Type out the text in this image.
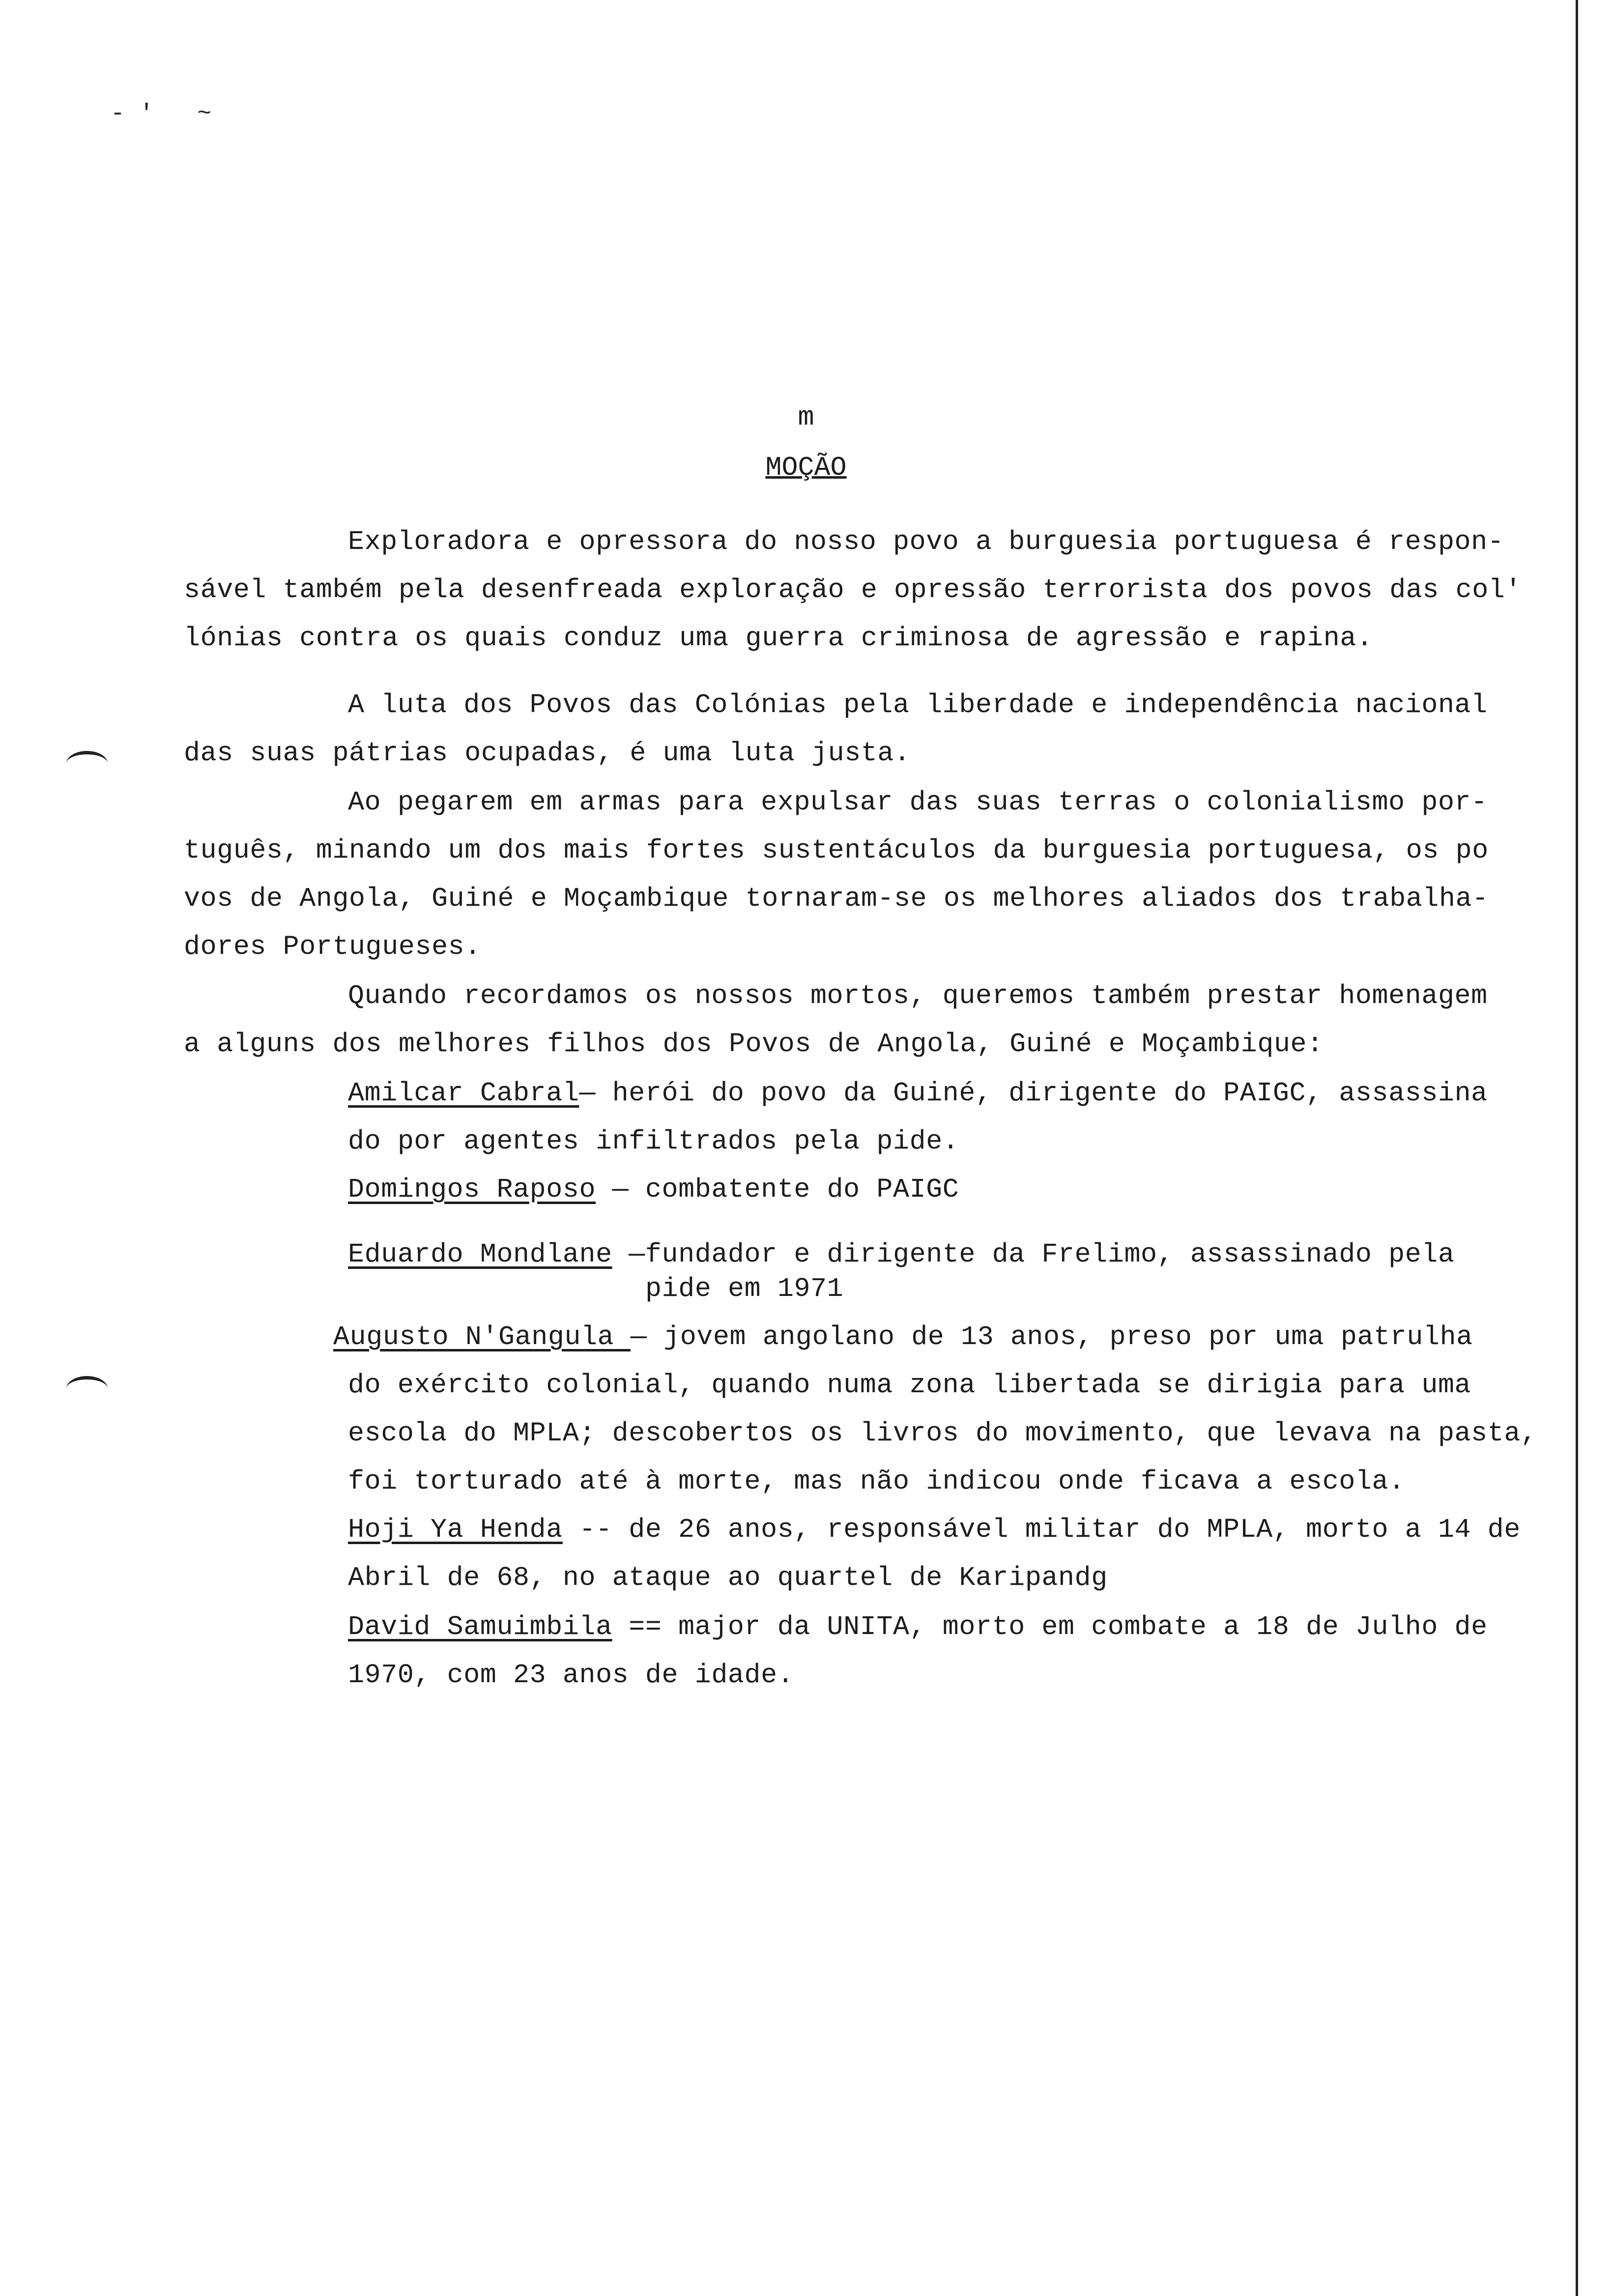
-' ~
m
MOÇÃO
Exploradora e opressora do nosso povo a burguesia portuguesa é respon-
sável também pela desenfreada exploração e opressão terrorista dos povos das col'
lónias contra os quais conduz uma guerra criminosa de agressão e rapina.
A luta dos Povos das Colónias pela liberdade e independência nacional
das suas pátrias ocupadas, é uma luta justa.
Ao pegarem em armas para expulsar das suas terras o colonialismo por-
tuguês, minando um dos mais fortes sustentáculos da burguesia portuguesa, os po
vos de Angola, Guiné e Moçambique tornaram-se os melhores aliados dos trabalha-
dores Portugueses.
Quando recordamos os nossos mortos, queremos também prestar homenagem
a alguns dos melhores filhos dos Povos de Angola, Guiné e Moçambique:
Amilcar Cabral— herói do povo da Guiné, dirigente do PAIGC, assassina
do por agentes infiltrados pela pide.
Domingos Raposo — combatente do PAIGC
Eduardo Mondlane —fundador e dirigente da Frelimo, assassinado pela
pide em 1971
Augusto N'Gangula — jovem angolano de 13 anos, preso por uma patrulha
do exército colonial, quando numa zona libertada se dirigia para uma
escola do MPLA; descobertos os livros do movimento, que levava na pasta,
foi torturado até à morte, mas não indicou onde ficava a escola.
Hoji Ya Henda -- de 26 anos, responsável militar do MPLA, morto a 14 de
Abril de 68, no ataque ao quartel de Karipandg
David Samuimbila == major da UNITA, morto em combate a 18 de Julho de
1970, com 23 anos de idade.
